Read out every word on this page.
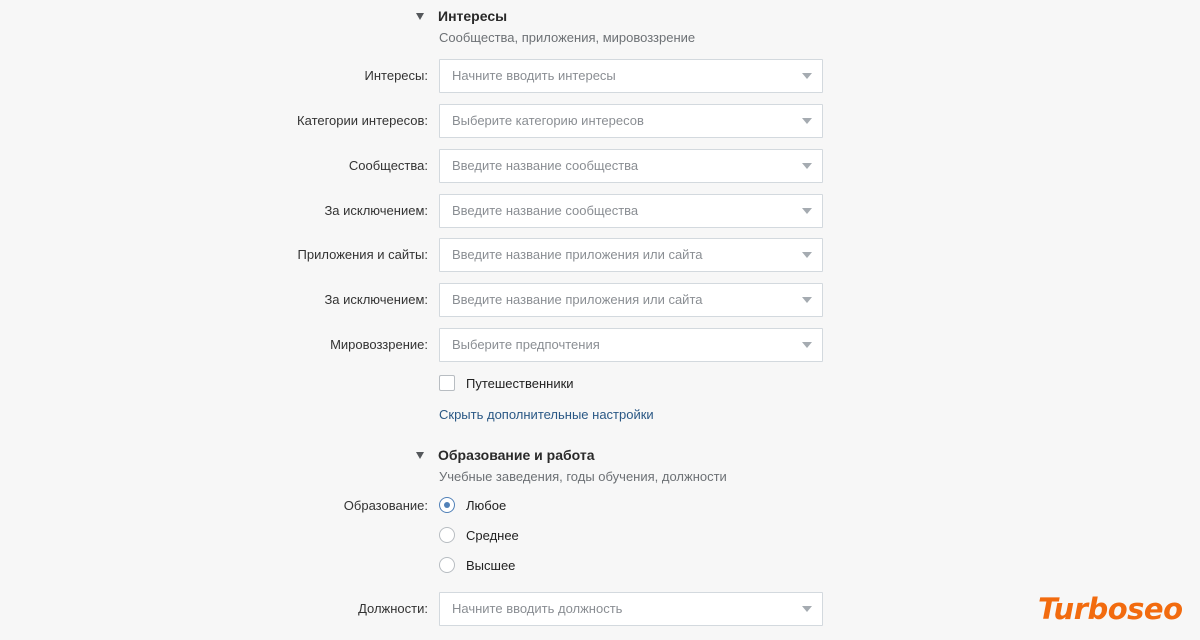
Интересы
Сообщества, приложения, мировоззрение
Интересы: Начните вводить интересы
Категории интересов: Выберите категорию интересов
Сообщества: Введите название сообщества
За исключением: Введите название сообщества
Приложения и сайты: Введите название приложения или сайта
За исключением: Введите название приложения или сайта
Мировоззрение: Выберите предпочтения
Путешественники
Скрыть дополнительные настройки
Образование и работа
Учебные заведения, годы обучения, должности
Образование:	Любое
Среднее
Высшее
Должности: Начните вводить должность	Turboseo
